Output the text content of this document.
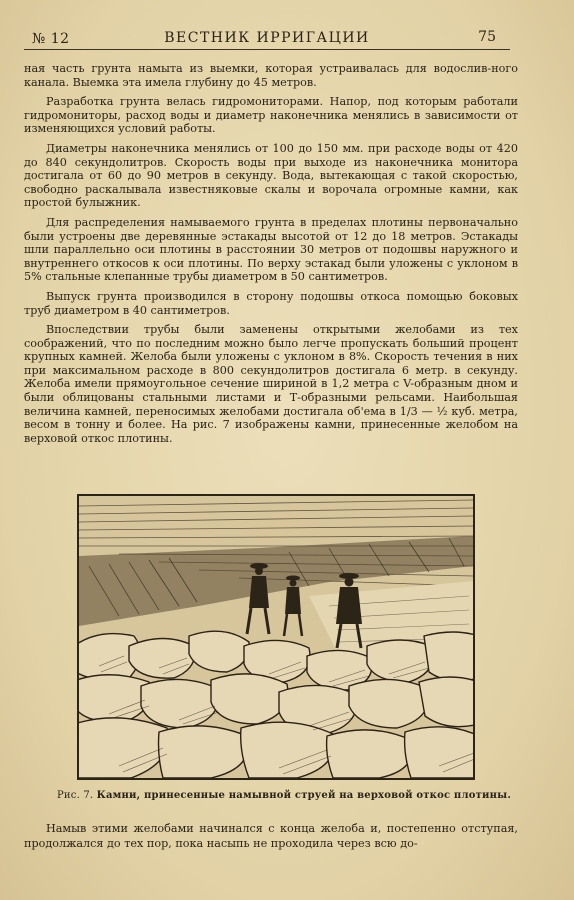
№ 12	ВЕСТНИК ИРРИГАЦИИ	75

ная часть грунта намыта из выемки, которая устраивалась для водослив-ного канала. Выемка эта имела глубину до 45 метров.

Разработка грунта велась гидромониторами. Напор, под которым работали гидромониторы, расход воды и диаметр наконечника менялись в зависимости от изменяющихся условий работы.

Диаметры наконечника менялись от 100 до 150 мм. при расходе воды от 420 до 840 секундолитров. Скорость воды при выходе из наконечника монитора достигала от 60 до 90 метров в секунду. Вода, вытекающая с такой скоростью, свободно раскалывала известняковые скалы и ворочала огромные камни, как простой булыжник.

Для распределения намываемого грунта в пределах плотины первоначально были устроены две деревянные эстакады высотой от 12 до 18 метров. Эстакады шли параллельно оси плотины в расстоянии 30 метров от подошвы наружного и внутреннего откосов к оси плотины. По верху эстакад были уложены с уклоном в 5% стальные клепанные трубы диаметром в 50 сантиметров.

Выпуск грунта производился в сторону подошвы откоса помощью боковых труб диаметром в 40 сантиметров.

Впоследствии трубы были заменены открытыми желобами из тех соображений, что по последним можно было легче пропускать больший процент крупных камней. Желоба были уложены с уклоном в 8%. Скорость течения в них при максимальном расходе в 800 секундолитров достигала 6 метр. в секунду. Желоба имели прямоугольное сечение шириной в 1,2 метра с V-образным дном и были облицованы стальными листами и Т-образными рельсами. Наибольшая величина камней, переносимых желобами достигала об'ема в 1/3 — ½ куб. метра, весом в тонну и более. На рис. 7 изображены камни, принесенные желобом на верховой откос плотины.

Рис. 7. Камни, принесенные намывной струей на верховой откос плотины.

Намыв этими желобами начинался с конца желоба и, постепенно отступая, продолжался до тех пор, пока насыпь не проходила через всю до-
